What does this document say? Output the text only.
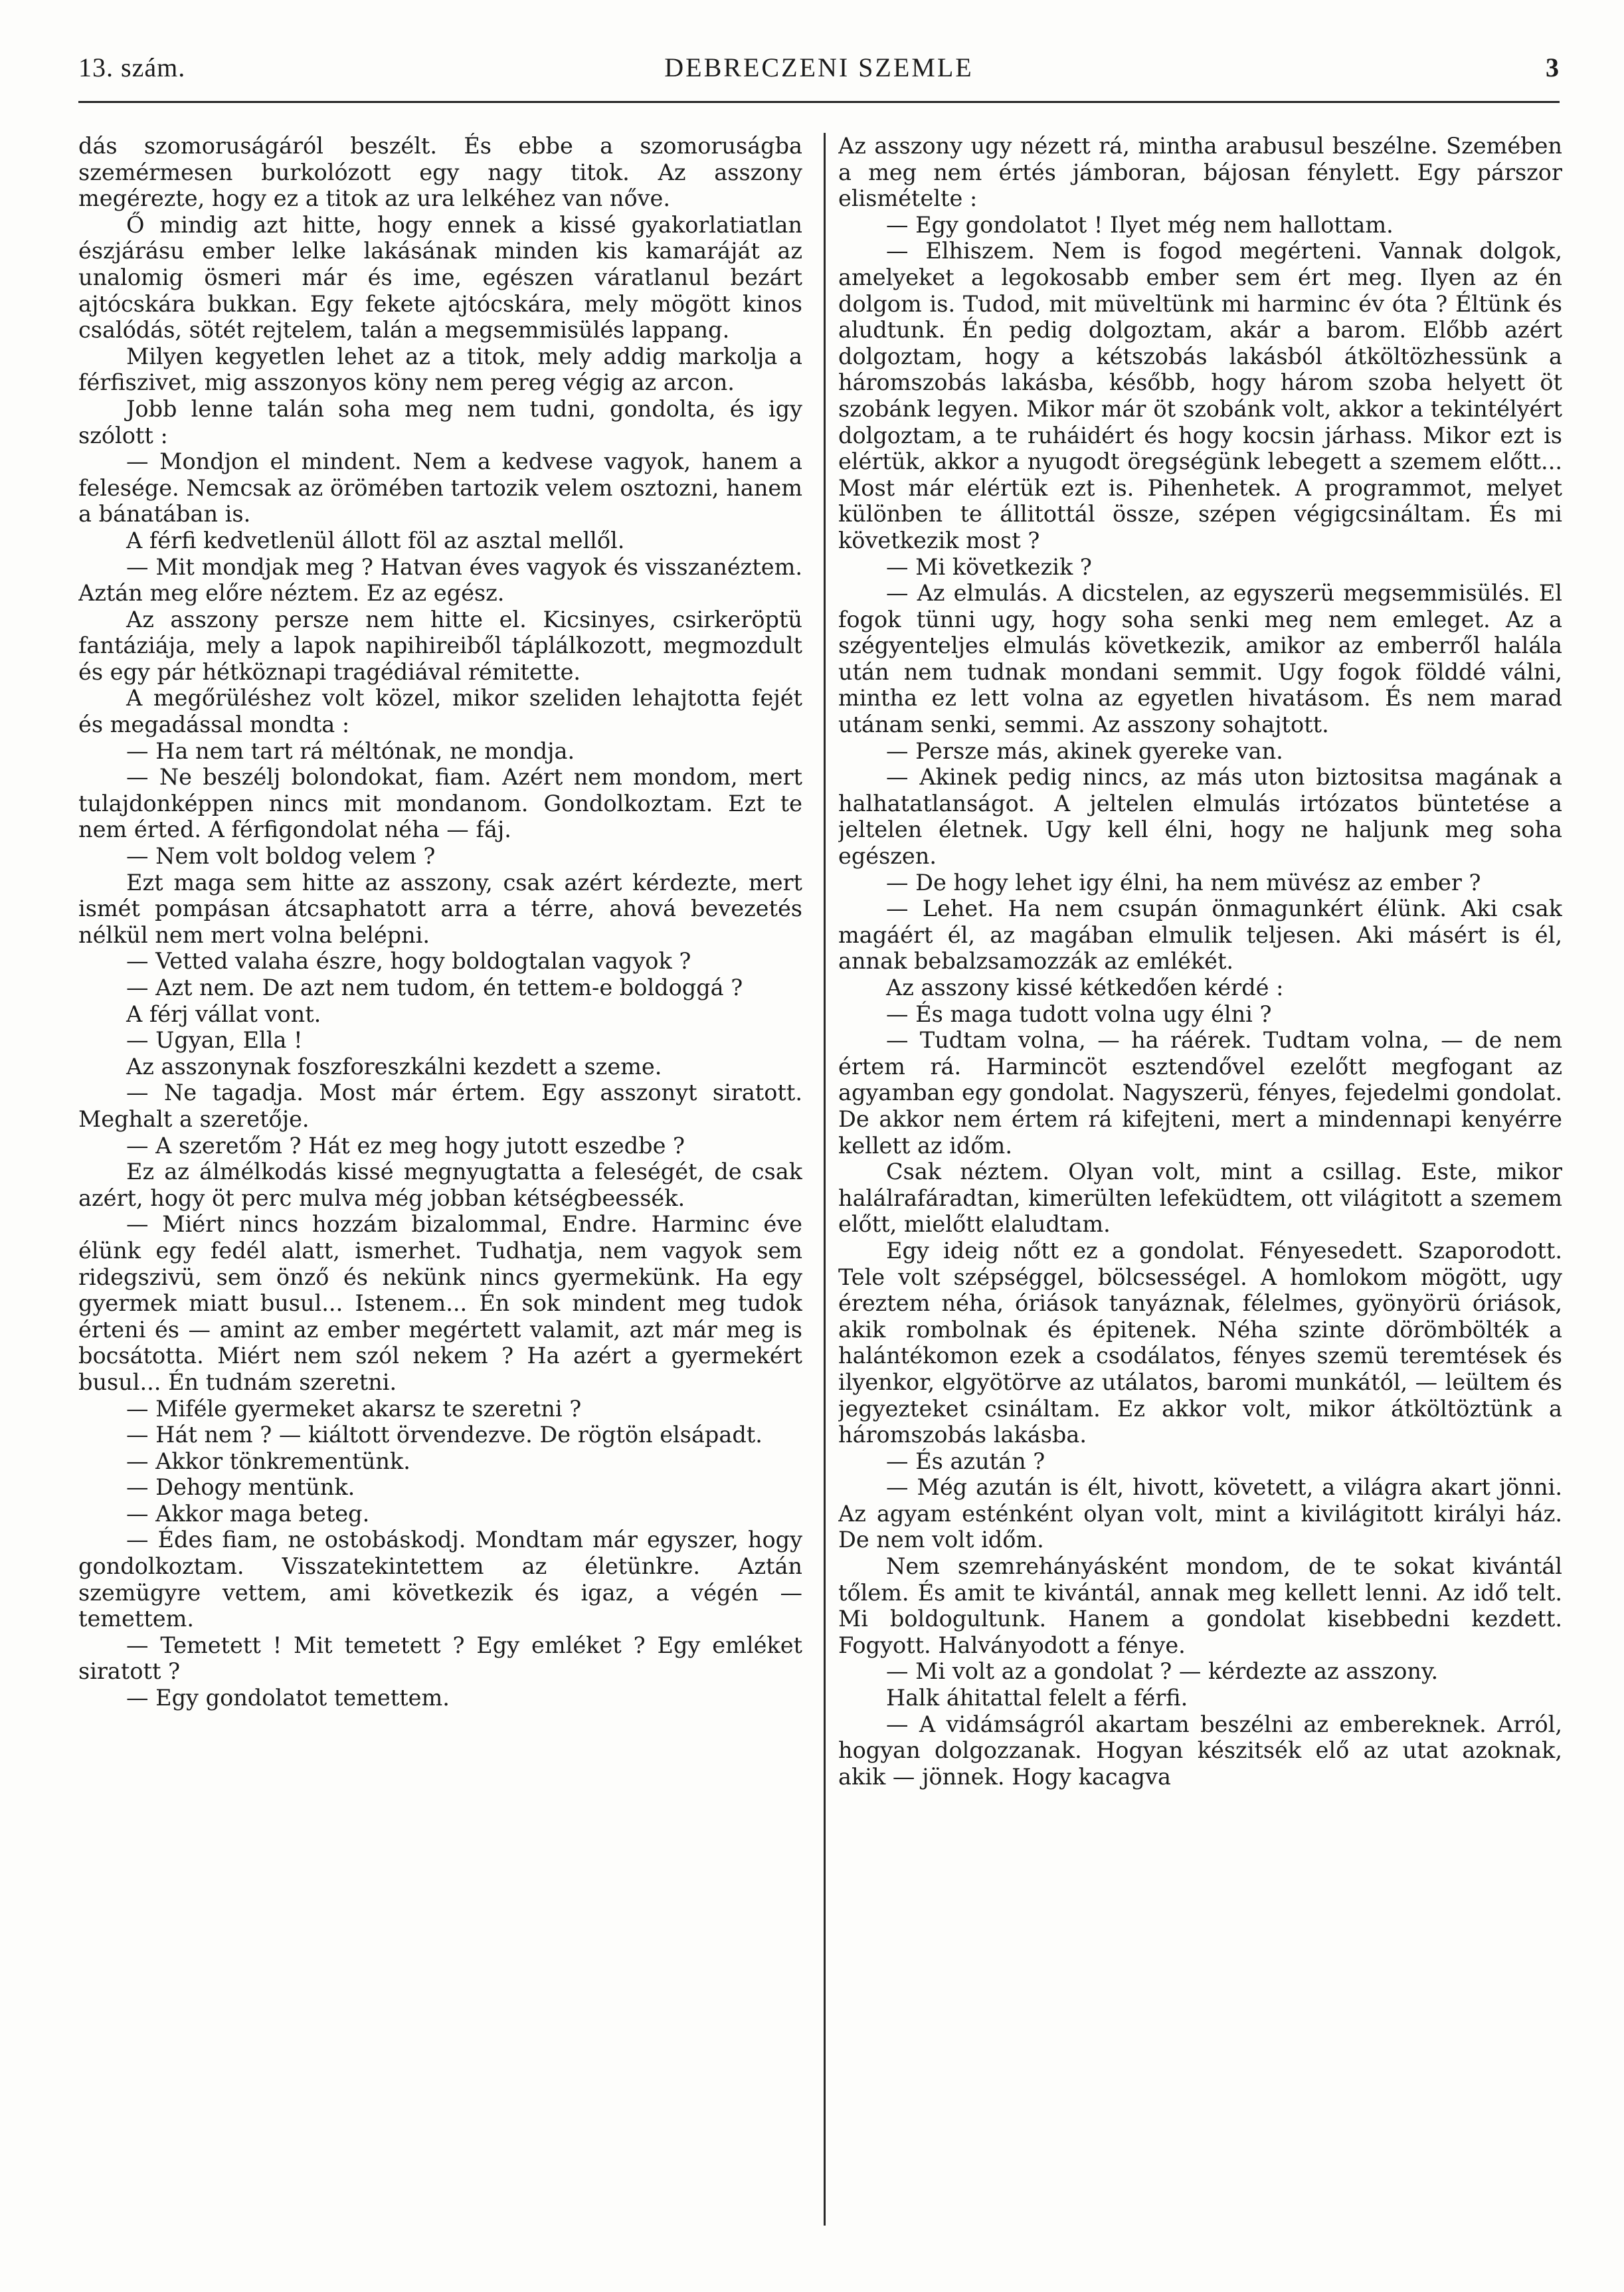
13. szám.	DEBRECZENI SZEMLE	3

dás szomoruságáról beszélt. És ebbe a szomoruságba szemérmesen burkolózott egy nagy titok. Az asszony megérezte, hogy ez a titok az ura lelkéhez van nőve.

Ő mindig azt hitte, hogy ennek a kissé gyakorlatiatlan észjárásu ember lelke lakásának minden kis kamaráját az unalomig ösmeri már és ime, egészen váratlanul bezárt ajtócskára bukkan. Egy fekete ajtócskára, mely mögött kinos csalódás, sötét rejtelem, talán a megsemmisülés lappang.

Milyen kegyetlen lehet az a titok, mely addig markolja a férfiszivet, mig asszonyos köny nem pereg végig az arcon.

Jobb lenne talán soha meg nem tudni, gondolta, és igy szólott :

— Mondjon el mindent. Nem a kedvese vagyok, hanem a felesége. Nemcsak az örömében tartozik velem osztozni, hanem a bánatában is.

A férfi kedvetlenül állott föl az asztal mellől.

— Mit mondjak meg ? Hatvan éves vagyok és visszanéztem. Aztán meg előre néztem. Ez az egész.

Az asszony persze nem hitte el. Kicsinyes, csirkeröptü fantáziája, mely a lapok napihireiből táplálkozott, megmozdult és egy pár hétköznapi tragédiával rémitette.

A megőrüléshez volt közel, mikor szeliden lehajtotta fejét és megadással mondta :

— Ha nem tart rá méltónak, ne mondja.

— Ne beszélj bolondokat, fiam. Azért nem mondom, mert tulajdonképpen nincs mit mondanom. Gondolkoztam. Ezt te nem érted. A férfigondolat néha — fáj.

— Nem volt boldog velem ?

Ezt maga sem hitte az asszony, csak azért kérdezte, mert ismét pompásan átcsaphatott arra a térre, ahová bevezetés nélkül nem mert volna belépni.

— Vetted valaha észre, hogy boldogtalan vagyok ?

— Azt nem. De azt nem tudom, én tettem-e boldoggá ?

A férj vállat vont.

— Ugyan, Ella !

Az asszonynak foszforeszkálni kezdett a szeme.

— Ne tagadja. Most már értem. Egy asszonyt siratott. Meghalt a szeretője.

— A szeretőm ? Hát ez meg hogy jutott eszedbe ?

Ez az álmélkodás kissé megnyugtatta a feleségét, de csak azért, hogy öt perc mulva még jobban kétségbeessék.

— Miért nincs hozzám bizalommal, Endre. Harminc éve élünk egy fedél alatt, ismerhet. Tudhatja, nem vagyok sem ridegszivü, sem önző és nekünk nincs gyermekünk. Ha egy gyermek miatt busul... Istenem... Én sok mindent meg tudok érteni és — amint az ember megértett valamit, azt már meg is bocsátotta. Miért nem szól nekem ? Ha azért a gyermekért busul... Én tudnám szeretni.

— Miféle gyermeket akarsz te szeretni ?

— Hát nem ? — kiáltott örvendezve. De rögtön elsápadt.

— Akkor tönkrementünk.

— Dehogy mentünk.

— Akkor maga beteg.

— Édes fiam, ne ostobáskodj. Mondtam már egyszer, hogy gondolkoztam. Visszatekintettem az életünkre. Aztán szemügyre vettem, ami következik és igaz, a végén — temettem.

— Temetett ! Mit temetett ? Egy emléket ? Egy emléket siratott ?

— Egy gondolatot temettem.

Az asszony ugy nézett rá, mintha arabusul beszélne. Szemében a meg nem értés jámboran, bájosan fénylett. Egy párszor elismételte :

— Egy gondolatot ! Ilyet még nem hallottam.

— Elhiszem. Nem is fogod megérteni. Vannak dolgok, amelyeket a legokosabb ember sem ért meg. Ilyen az én dolgom is. Tudod, mit müveltünk mi harminc év óta ? Éltünk és aludtunk. Én pedig dolgoztam, akár a barom. Előbb azért dolgoztam, hogy a kétszobás lakásból átköltözhessünk a háromszobás lakásba, később, hogy három szoba helyett öt szobánk legyen. Mikor már öt szobánk volt, akkor a tekintélyért dolgoztam, a te ruháidért és hogy kocsin járhass. Mikor ezt is elértük, akkor a nyugodt öregségünk lebegett a szemem előtt... Most már elértük ezt is. Pihenhetek. A programmot, melyet különben te állitottál össze, szépen végigcsináltam. És mi következik most ?

— Mi következik ?

— Az elmulás. A dicstelen, az egyszerü megsemmisülés. El fogok tünni ugy, hogy soha senki meg nem emleget. Az a szégyenteljes elmulás következik, amikor az emberről halála után nem tudnak mondani semmit. Ugy fogok földdé válni, mintha ez lett volna az egyetlen hivatásom. És nem marad utánam senki, semmi. Az asszony sohajtott.

— Persze más, akinek gyereke van.

— Akinek pedig nincs, az más uton biztositsa magának a halhatatlanságot. A jeltelen elmulás irtózatos büntetése a jeltelen életnek. Ugy kell élni, hogy ne haljunk meg soha egészen.

— De hogy lehet igy élni, ha nem müvész az ember ?

— Lehet. Ha nem csupán önmagunkért élünk. Aki csak magáért él, az magában elmulik teljesen. Aki másért is él, annak bebalzsamozzák az emlékét.

Az asszony kissé kétkedően kérdé :

— És maga tudott volna ugy élni ?

— Tudtam volna, — ha ráérek. Tudtam volna, — de nem értem rá. Harmincöt esztendővel ezelőtt megfogant az agyamban egy gondolat. Nagyszerü, fényes, fejedelmi gondolat. De akkor nem értem rá kifejteni, mert a mindennapi kenyérre kellett az időm.

Csak néztem. Olyan volt, mint a csillag. Este, mikor halálrafáradtan, kimerülten lefeküdtem, ott világitott a szemem előtt, mielőtt elaludtam.

Egy ideig nőtt ez a gondolat. Fényesedett. Szaporodott. Tele volt szépséggel, bölcsességel. A homlokom mögött, ugy éreztem néha, óriások tanyáznak, félelmes, gyönyörü óriások, akik rombolnak és épitenek. Néha szinte dörömbölték a halántékomon ezek a csodálatos, fényes szemü teremtések és ilyenkor, elgyötörve az utálatos, baromi munkától, — leültem és jegyezteket csináltam. Ez akkor volt, mikor átköltöztünk a háromszobás lakásba.

— És azután ?

— Még azután is élt, hivott, követett, a világra akart jönni. Az agyam esténként olyan volt, mint a kivilágitott királyi ház. De nem volt időm.

Nem szemrehányásként mondom, de te sokat kivántál tőlem. És amit te kivántál, annak meg kellett lenni. Az idő telt. Mi boldogultunk. Hanem a gondolat kisebbedni kezdett. Fogyott. Halványodott a fénye.

— Mi volt az a gondolat ? — kérdezte az asszony.

Halk áhitattal felelt a férfi.

— A vidámságról akartam beszélni az embereknek. Arról, hogyan dolgozzanak. Hogyan készitsék elő az utat azoknak, akik — jönnek. Hogy kacagva
